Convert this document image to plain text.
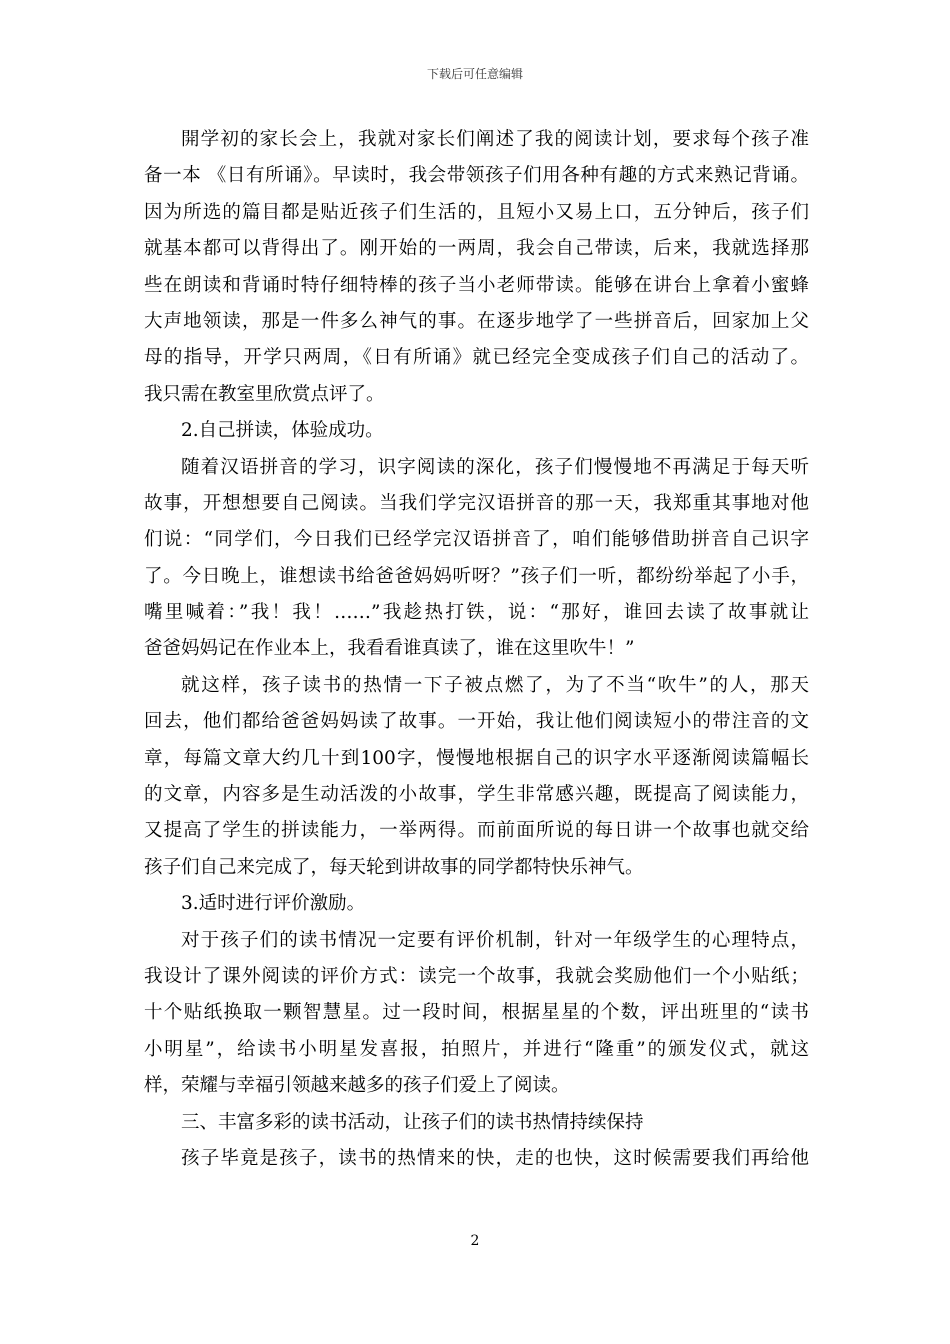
下载后可任意编辑

開学初的家长会上，我就对家长们阐述了我的阅读计划，要求每个孩子准
备一本 《日有所诵》。早读时，我会带领孩子们用各种有趣的方式来熟记背诵。
因为所选的篇目都是贴近孩子们生活的，且短小又易上口，五分钟后，孩子们
就基本都可以背得出了。刚开始的一两周，我会自己带读，后来，我就选择那
些在朗读和背诵时特仔细特棒的孩子当小老师带读。能够在讲台上拿着小蜜蜂
大声地领读，那是一件多么神气的事。在逐步地学了一些拼音后，回家加上父
母的指导，开学只两周，《日有所诵》就已经完全变成孩子们自己的活动了。
我只需在教室里欣赏点评了。

2.自己拼读，体验成功。

随着汉语拼音的学习，识字阅读的深化，孩子们慢慢地不再满足于每天听
故事，开想想要自己阅读。当我们学完汉语拼音的那一天，我郑重其事地对他
们说：“同学们，今日我们已经学完汉语拼音了，咱们能够借助拼音自己识字
了。今日晚上，谁想读书给爸爸妈妈听呀？”孩子们一听，都纷纷举起了小手，
嘴里喊着：”我！我！……”我趁热打铁，说：“那好，谁回去读了故事就让
爸爸妈妈记在作业本上，我看看谁真读了，谁在这里吹牛！”

就这样，孩子读书的热情一下子被点燃了，为了不当“吹牛”的人，那天
回去，他们都给爸爸妈妈读了故事。一开始，我让他们阅读短小的带注音的文
章，每篇文章大约几十到100字，慢慢地根据自己的识字水平逐渐阅读篇幅长
的文章，内容多是生动活泼的小故事，学生非常感兴趣，既提高了阅读能力，
又提高了学生的拼读能力，一举两得。而前面所说的每日讲一个故事也就交给
孩子们自己来完成了，每天轮到讲故事的同学都特快乐神气。

3.适时进行评价激励。

对于孩子们的读书情况一定要有评价机制，针对一年级学生的心理特点，
我设计了课外阅读的评价方式：读完一个故事，我就会奖励他们一个小贴纸；
十个贴纸换取一颗智慧星。过一段时间，根据星星的个数，评出班里的“读书
小明星”，给读书小明星发喜报，拍照片，并进行“隆重”的颁发仪式，就这
样，荣耀与幸福引领越来越多的孩子们爱上了阅读。

三、丰富多彩的读书活动，让孩子们的读书热情持续保持

孩子毕竟是孩子，读书的热情来的快，走的也快，这时候需要我们再给他

2
